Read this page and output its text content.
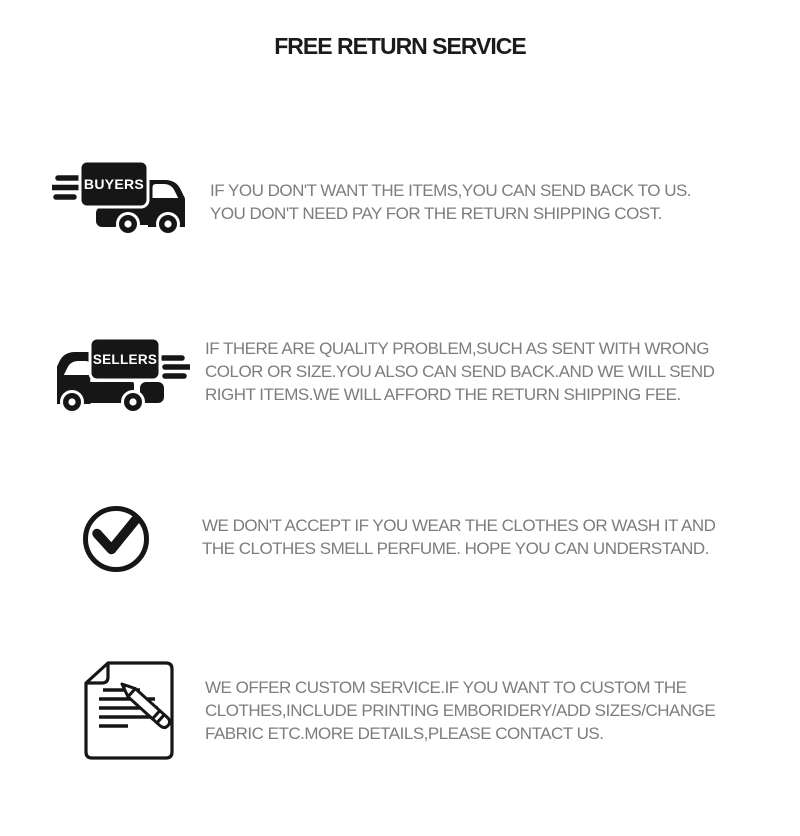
FREE RETURN SERVICE
BUYERS	IF YOU DON'T WANT THE ITEMS,YOU CAN SEND BACK TO US.
YOU DON'T NEED PAY FOR THE RETURN SHIPPING COST.
SELLERS
IF THERE ARE QUALITY PROBLEM,SUCH AS SENT WITH WRONG
COLOR OR SIZE.YOU ALSO CAN SEND BACK.AND WE WILL SEND
RIGHT ITEMS.WE WILL AFFORD THE RETURN SHIPPING FEE.
WE DON'T ACCEPT IF YOU WEAR THE CLOTHES OR WASH IT AND
THE CLOTHES SMELL PERFUME. HOPE YOU CAN UNDERSTAND.
WE OFFER CUSTOM SERVICE.IF YOU WANT TO CUSTOM THE
CLOTHES,INCLUDE PRINTING EMBORIDERY/ADD SIZES/CHANGE
FABRIC ETC.MORE DETAILS,PLEASE CONTACT US.
